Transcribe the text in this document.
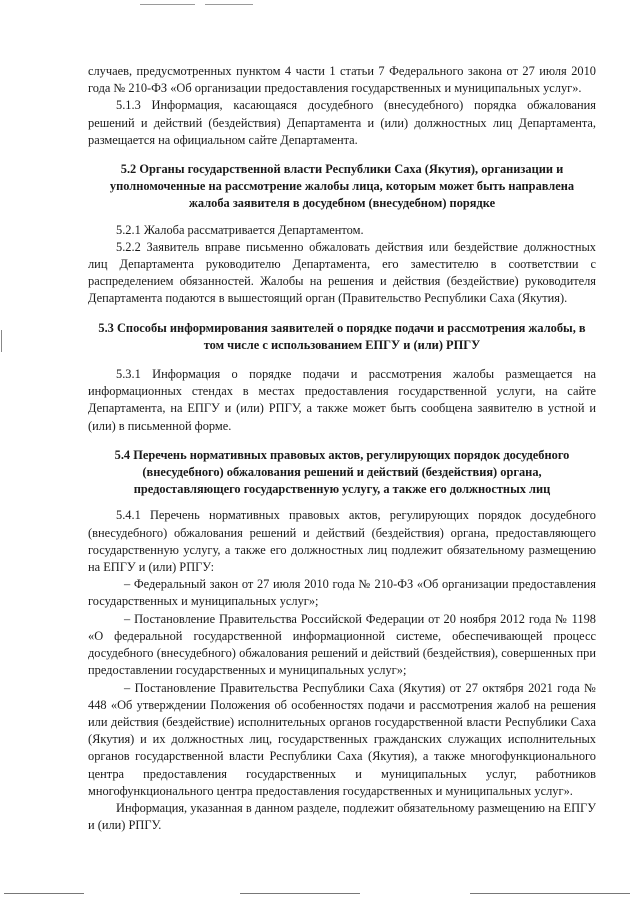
случаев, предусмотренных пунктом 4 части 1 статьи 7 Федерального закона от 27 июля 2010 года № 210-ФЗ «Об организации предоставления государственных и муниципальных услуг».

5.1.3 Информация, касающаяся досудебного (внесудебного) порядка обжалования решений и действий (бездействия) Департамента и (или) должностных лиц Департамента, размещается на официальном сайте Департамента.

5.2 Органы государственной власти Республики Саха (Якутия), организации и уполномоченные на рассмотрение жалобы лица, которым может быть направлена жалоба заявителя в досудебном (внесудебном) порядке

5.2.1 Жалоба рассматривается Департаментом.

5.2.2 Заявитель вправе письменно обжаловать действия или бездействие должностных лиц Департамента руководителю Департамента, его заместителю в соответствии с распределением обязанностей. Жалобы на решения и действия (бездействие) руководителя Департамента подаются в вышестоящий орган (Правительство Республики Саха (Якутия).

5.3 Способы информирования заявителей о порядке подачи и рассмотрения жалобы, в том числе с использованием ЕПГУ и (или) РПГУ

5.3.1 Информация о порядке подачи и рассмотрения жалобы размещается на информационных стендах в местах предоставления государственной услуги, на сайте Департамента, на ЕПГУ и (или) РПГУ, а также может быть сообщена заявителю в устной и (или) в письменной форме.

5.4 Перечень нормативных правовых актов, регулирующих порядок досудебного (внесудебного) обжалования решений и действий (бездействия) органа, предоставляющего государственную услугу, а также его должностных лиц

5.4.1 Перечень нормативных правовых актов, регулирующих порядок досудебного (внесудебного) обжалования решений и действий (бездействия) органа, предоставляющего государственную услугу, а также его должностных лиц подлежит обязательному размещению на ЕПГУ и (или) РПГУ:

– Федеральный закон от 27 июля 2010 года № 210-ФЗ «Об организации предоставления государственных и муниципальных услуг»;

– Постановление Правительства Российской Федерации от 20 ноября 2012 года № 1198 «О федеральной государственной информационной системе, обеспечивающей процесс досудебного (внесудебного) обжалования решений и действий (бездействия), совершенных при предоставлении государственных и муниципальных услуг»;

– Постановление Правительства Республики Саха (Якутия) от 27 октября 2021 года № 448 «Об утверждении Положения об особенностях подачи и рассмотрения жалоб на решения или действия (бездействие) исполнительных органов государственной власти Республики Саха (Якутия) и их должностных лиц, государственных гражданских служащих исполнительных органов государственной власти Республики Саха (Якутия), а также многофункционального центра предоставления государственных и муниципальных услуг, работников многофункционального центра предоставления государственных и муниципальных услуг».

Информация, указанная в данном разделе, подлежит обязательному размещению на ЕПГУ и (или) РПГУ.
